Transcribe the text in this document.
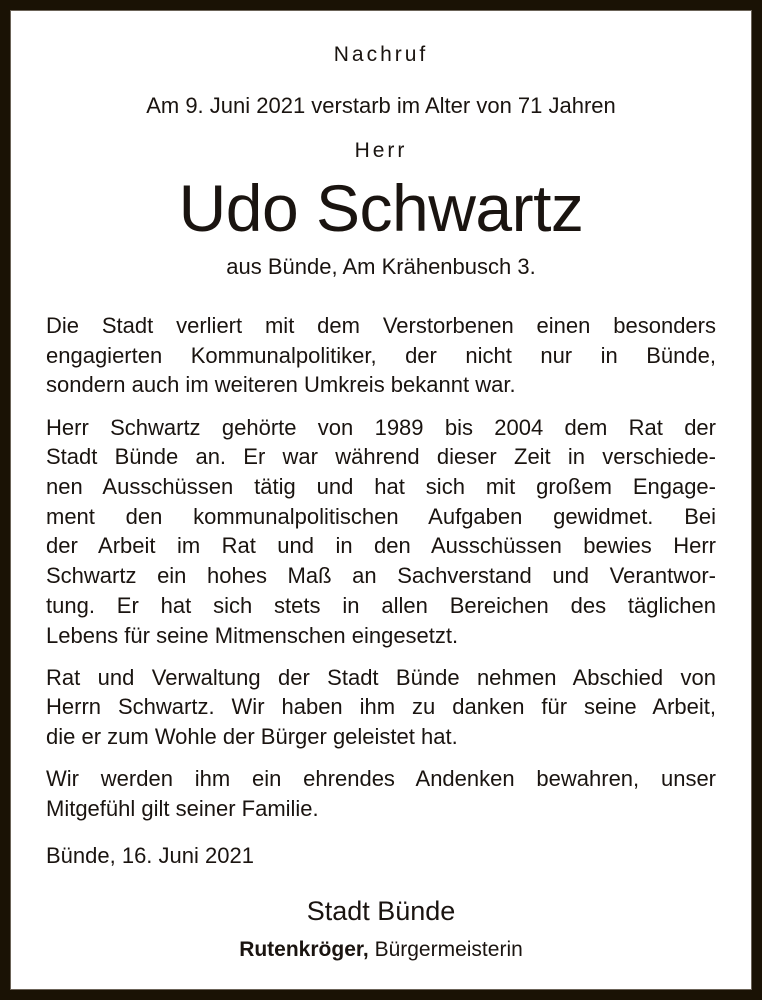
Nachruf
Am 9. Juni 2021 verstarb im Alter von 71 Jahren
Herr
Udo Schwartz
aus Bünde, Am Krähenbusch 3.
Die Stadt verliert mit dem Verstorbenen einen besonders
engagierten Kommunalpolitiker, der nicht nur in Bünde,
sondern auch im weiteren Umkreis bekannt war.
Herr Schwartz gehörte von 1989 bis 2004 dem Rat der
Stadt Bünde an. Er war während dieser Zeit in verschiede-
nen Ausschüssen tätig und hat sich mit großem Engage-
ment den kommunalpolitischen Aufgaben gewidmet. Bei
der Arbeit im Rat und in den Ausschüssen bewies Herr
Schwartz ein hohes Maß an Sachverstand und Verantwor-
tung. Er hat sich stets in allen Bereichen des täglichen
Lebens für seine Mitmenschen eingesetzt.
Rat und Verwaltung der Stadt Bünde nehmen Abschied von
Herrn Schwartz. Wir haben ihm zu danken für seine Arbeit,
die er zum Wohle der Bürger geleistet hat.
Wir werden ihm ein ehrendes Andenken bewahren, unser
Mitgefühl gilt seiner Familie.
Bünde, 16. Juni 2021
Stadt Bünde
Rutenkröger, Bürgermeisterin
